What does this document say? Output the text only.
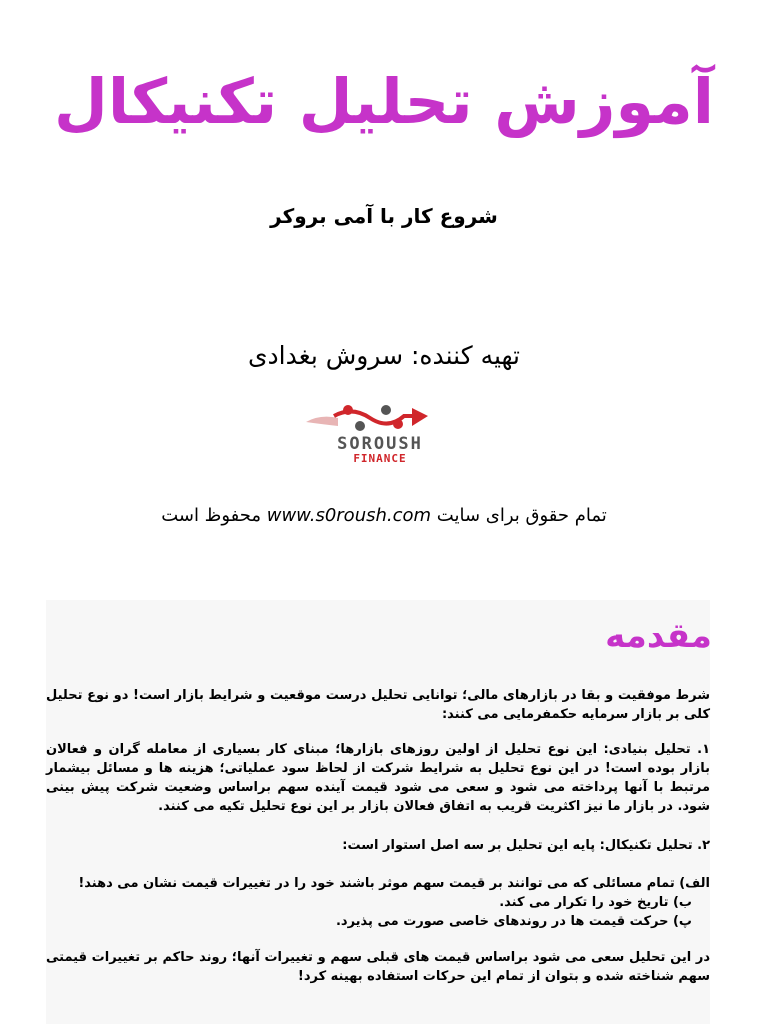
آموزش تحلیل تکنیکال
شروع کار با آمی بروکر
تهیه کننده: سروش بغدادی
SOROUSH
FINANCE
تمام حقوق برای سایت www.s0roush.com محفوظ است
مقدمه
شرط موفقیت و بقا در بازارهای مالی؛ توانایی تحلیل درست موقعیت و شرایط بازار است! دو نوع تحلیل کلی بر بازار سرمایه حکمفرمایی می کنند:
۱. تحلیل بنیادی: این نوع تحلیل از اولین روزهای بازارها؛ مبنای کار بسیاری از معامله گران و فعالان بازار بوده است! در این نوع تحلیل به شرایط شرکت از لحاظ سود عملیاتی؛ هزینه ها و مسائل بیشمار مرتبط با آنها پرداخته می شود و سعی می شود قیمت آینده سهم براساس وضعیت شرکت پیش بینی شود. در بازار ما نیز اکثریت قریب به اتفاق فعالان بازار بر این نوع تحلیل تکیه می کنند.
۲. تحلیل تکنیکال: پایه این تحلیل بر سه اصل استوار است:
الف) تمام مسائلی که می توانند بر قیمت سهم موثر باشند خود را در تغییرات قیمت نشان می دهند!
ب) تاریخ خود را تکرار می کند.
پ) حرکت قیمت ها در روندهای خاصی صورت می پذیرد.
در این تحلیل سعی می شود براساس قیمت های قبلی سهم و تغییرات آنها؛ روند حاکم بر تغییرات قیمتی سهم شناخته شده و بتوان از تمام این حرکات استفاده بهینه کرد!
